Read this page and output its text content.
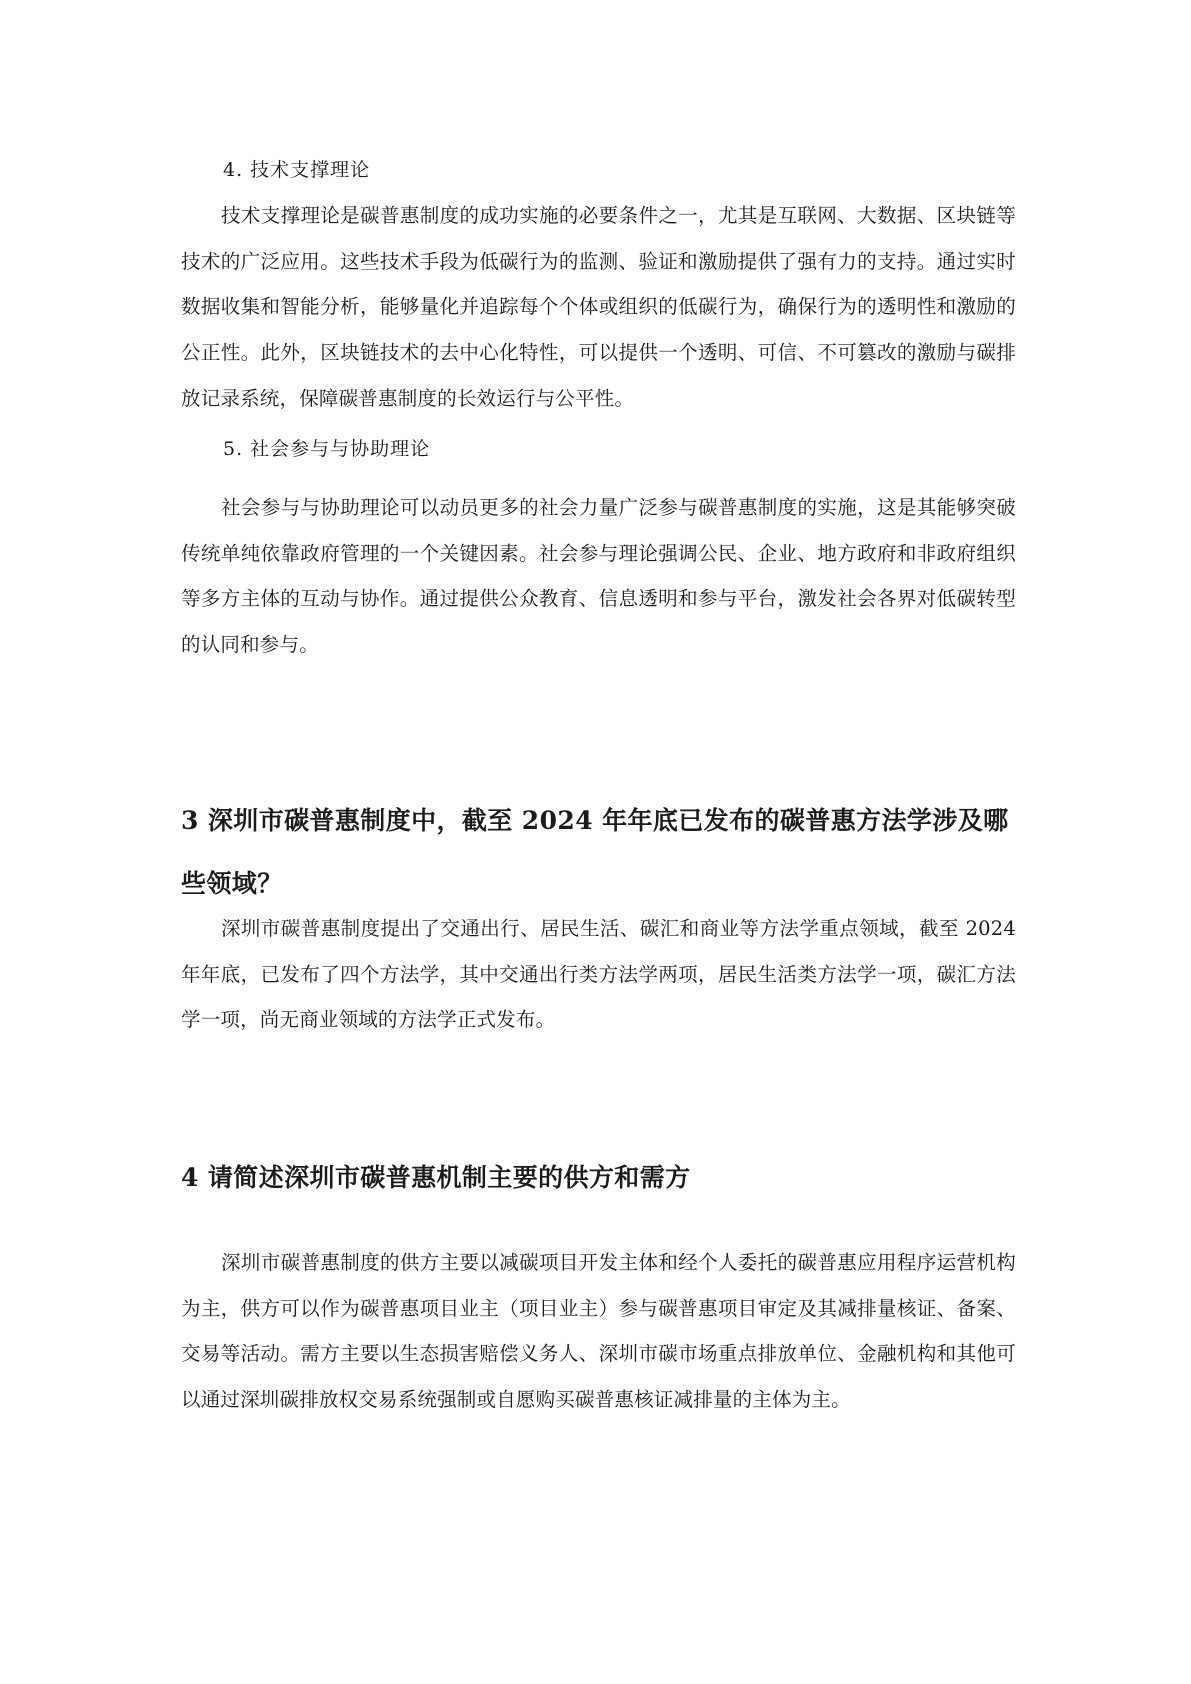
4. 技术支撑理论

技术支撑理论是碳普惠制度的成功实施的必要条件之一，尤其是互联网、大数据、区块链等技术的广泛应用。这些技术手段为低碳行为的监测、验证和激励提供了强有力的支持。通过实时数据收集和智能分析，能够量化并追踪每个个体或组织的低碳行为，确保行为的透明性和激励的公正性。此外，区块链技术的去中心化特性，可以提供一个透明、可信、不可篡改的激励与碳排放记录系统，保障碳普惠制度的长效运行与公平性。

5. 社会参与与协助理论

社会参与与协助理论可以动员更多的社会力量广泛参与碳普惠制度的实施，这是其能够突破传统单纯依靠政府管理的一个关键因素。社会参与理论强调公民、企业、地方政府和非政府组织等多方主体的互动与协作。通过提供公众教育、信息透明和参与平台，激发社会各界对低碳转型的认同和参与。

3 深圳市碳普惠制度中，截至 2024 年年底已发布的碳普惠方法学涉及哪些领域？

深圳市碳普惠制度提出了交通出行、居民生活、碳汇和商业等方法学重点领域，截至 2024 年年底，已发布了四个方法学，其中交通出行类方法学两项，居民生活类方法学一项，碳汇方法学一项，尚无商业领域的方法学正式发布。

4 请简述深圳市碳普惠机制主要的供方和需方

深圳市碳普惠制度的供方主要以减碳项目开发主体和经个人委托的碳普惠应用程序运营机构为主，供方可以作为碳普惠项目业主（项目业主）参与碳普惠项目审定及其减排量核证、备案、交易等活动。需方主要以生态损害赔偿义务人、深圳市碳市场重点排放单位、金融机构和其他可以通过深圳碳排放权交易系统强制或自愿购买碳普惠核证减排量的主体为主。
